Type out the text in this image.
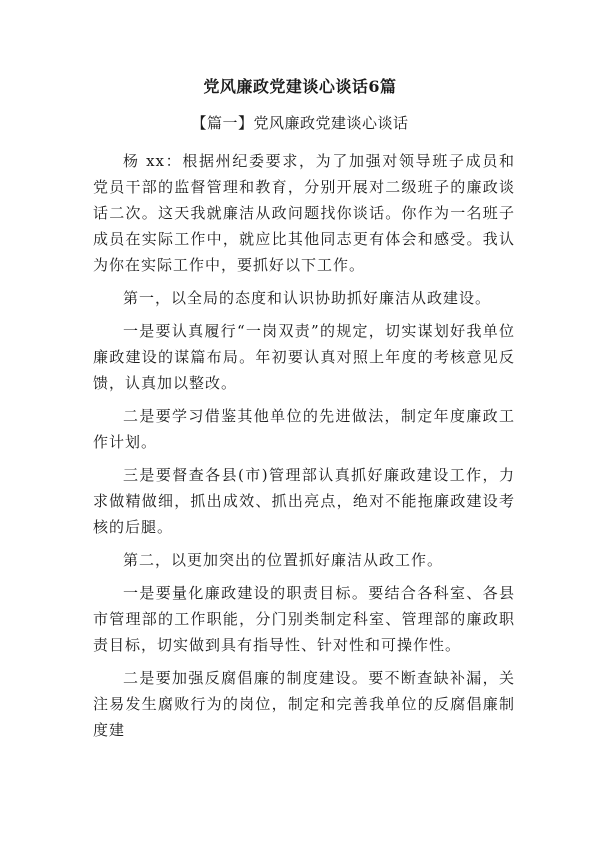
党风廉政党建谈心谈话6篇
【篇一】党风廉政党建谈心谈话

杨 xx：根据州纪委要求，为了加强对领导班子成员和党员干部的监督管理和教育，分别开展对二级班子的廉政谈话二次。这天我就廉洁从政问题找你谈话。你作为一名班子成员在实际工作中，就应比其他同志更有体会和感受。我认为你在实际工作中，要抓好以下工作。

第一，以全局的态度和认识协助抓好廉洁从政建设。

一是要认真履行“一岗双责”的规定，切实谋划好我单位廉政建设的谋篇布局。年初要认真对照上年度的考核意见反馈，认真加以整改。

二是要学习借鉴其他单位的先进做法，制定年度廉政工作计划。

三是要督查各县(市)管理部认真抓好廉政建设工作，力求做精做细，抓出成效、抓出亮点，绝对不能拖廉政建设考核的后腿。

第二，以更加突出的位置抓好廉洁从政工作。

一是要量化廉政建设的职责目标。要结合各科室、各县市管理部的工作职能，分门别类制定科室、管理部的廉政职责目标，切实做到具有指导性、针对性和可操作性。

二是要加强反腐倡廉的制度建设。要不断查缺补漏，关注易发生腐败行为的岗位，制定和完善我单位的反腐倡廉制度建
